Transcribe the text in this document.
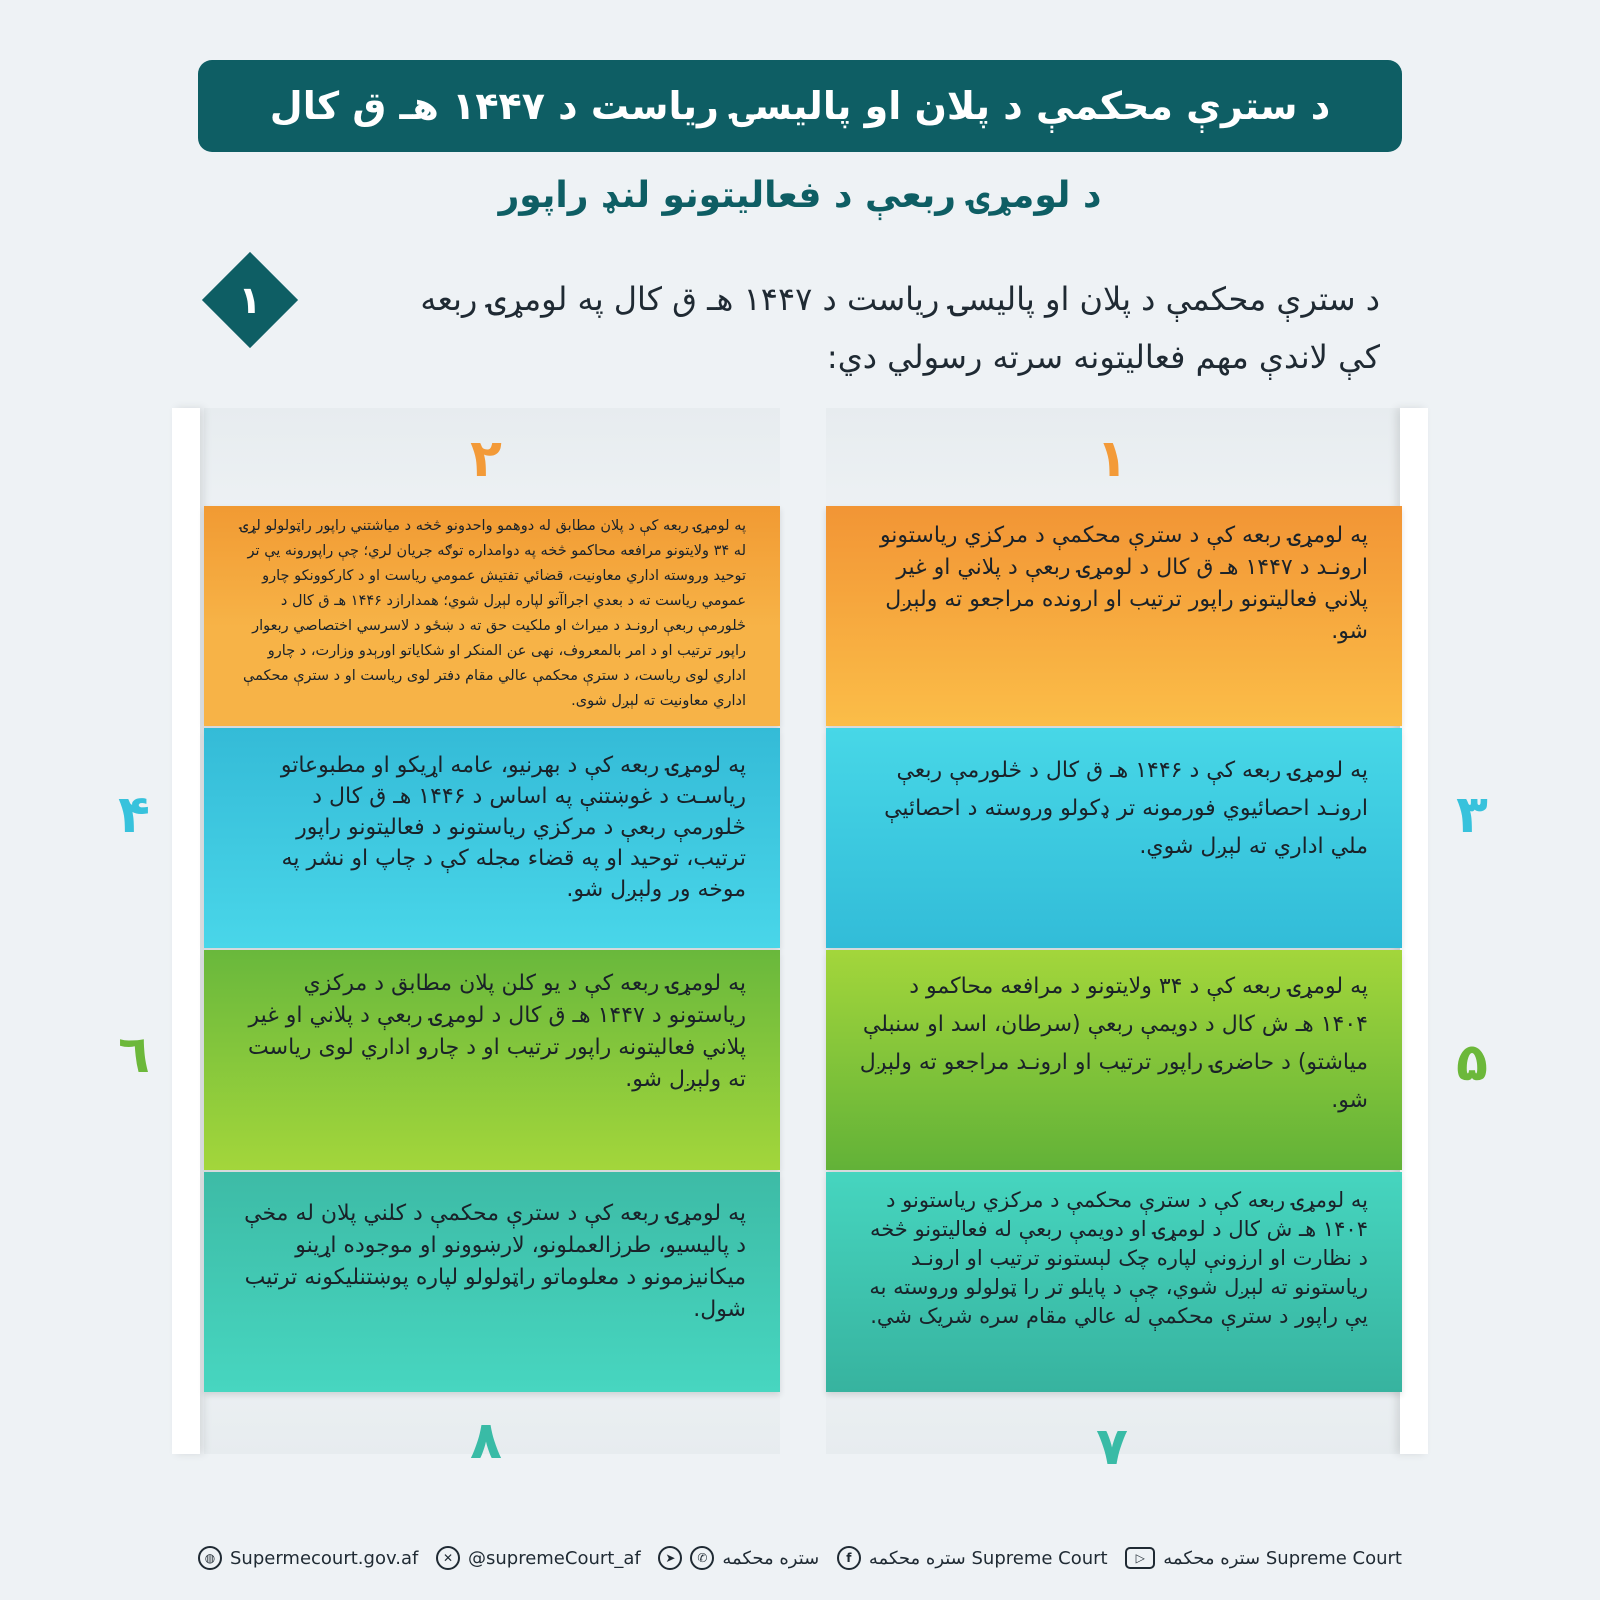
د سترې محکمې د پلان او پالیسۍ ریاست د ۱۴۴۷ هـ ق کال
د لومړۍ ربعې د فعالیتونو لنډ راپور
۱	د سترې محکمې د پلان او پالیسۍ ریاست د ۱۴۴۷ هـ ق کال په لومړۍ ربعه کې لاندې مهم فعالیتونه سرته رسولي دي:
۱
۲
۳
۴
۵
٦
۷
۸
په لومړۍ ربعه کې د سترې محکمې د مرکزي ریاستونو ارونـد د ۱۴۴۷ هـ ق کال د لومړۍ ربعې د پلاني او غیر پلاني فعالیتونو راپور ترتیب او ارونده مراجعو ته ولېږل شو.
په لومړۍ ربعه کې د ۱۴۴۶ هـ ق کال د څلورمې ربعې ارونـد احصائیوي فورمونه تر ډکولو وروسته د احصائیې ملي اداري ته لېږل شوي.
په لومړۍ ربعه کې د ۳۴ ولایتونو د مرافعه محاکمو د ۱۴۰۴ هـ ش کال د دویمې ربعې (سرطان، اسد او سنبلې میاشتو) د حاضرۍ راپور ترتیب او ارونـد مراجعو ته ولېږل شو.
په لومړۍ ربعه کې د سترې محکمې د مرکزي ریاستونو د ۱۴۰۴ هـ ش کال د لومړۍ او دویمې ربعې له فعالیتونو څخه د نظارت او ارزونې لپاره چک لېستونو ترتیب او ارونـد ریاستونو ته لېږل شوي، چې د پایلو تر را ټولولو وروسته به یې راپور د سترې محکمې له عالي مقام سره شریک شي.
په لومړۍ ربعه کې د پلان مطابق له دوهمو واحدونو څخه د میاشتني راپور راټولولو لړۍ له ۳۴ ولایتونو مرافعه محاکمو څخه په دوامداره توګه جریان لري؛ چې راپورونه یې تر توحید وروسته اداري معاونیت، قضائي تفتیش عمومي ریاست او د کارکوونکو چارو عمومي ریاست ته د بعدي اجراآتو لپاره لېږل شوي؛ همدارازد ۱۴۴۶ هـ ق کال د څلورمې ربعې ارونـد د میراث او ملکیت حق ته د ښځو د لاسرسي اختصاصي ربعوار راپور ترتیب او د امر بالمعروف، نهی عن المنکر او شکایاتو اورېدو وزارت، د چارو اداري لوی ریاست، د سترې محکمې عالي مقام دفتر لوی ریاست او د سترې محکمې اداري معاونیت ته لېږل شوی.
په لومړۍ ربعه کې د بهرنیو، عامه اړیکو او مطبوعاتو ریاسـت د غوښتنې په اساس د ۱۴۴۶ هـ ق کال د څلورمې ربعې د مرکزي ریاستونو د فعالیتونو راپور ترتیب، توحید او په قضاء مجله کې د چاپ او نشر په موخه ور ولېږل شو.
په لومړۍ ربعه کې د یو کلن پلان مطابق د مرکزي ریاستونو د ۱۴۴۷ هـ ق کال د لومړۍ ربعې د پلاني او غیر پلاني فعالیتونه راپور ترتیب او د چارو اداري لوی ریاست ته ولېږل شو.
په لومړۍ ربعه کې د سترې محکمې د کلني پلان له مخې د پالیسیو، طرزالعملونو، لارښوونو او موجوده اړینو میکانیزمونو د معلوماتو راټولولو لپاره پوښتنلیکونه ترتیب شول.
◍ Supermecourt.gov.af	✕ @supremeCourt_af	➤	✆ ستره محکمه	f ستره محکمه Supreme Court	▷	ستره محکمه Supreme Court
